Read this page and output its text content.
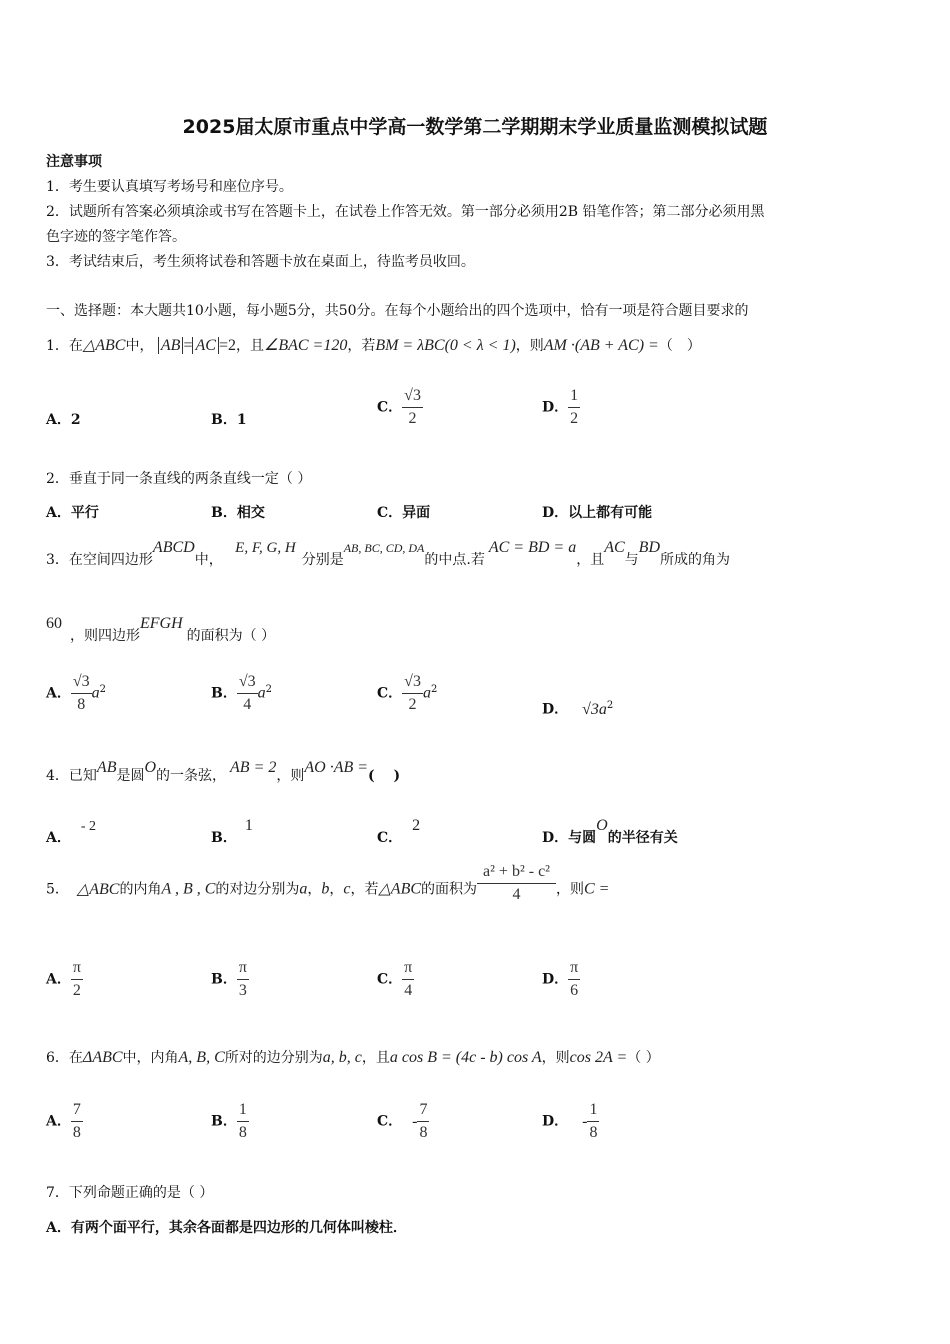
2025届太原市重点中学高一数学第二学期期末学业质量监测模拟试题
注意事项
1．考生要认真填写考场号和座位序号。
2．试题所有答案必须填涂或书写在答题卡上，在试卷上作答无效。第一部分必须用2B 铅笔作答；第二部分必须用黑
色字迹的签字笔作答。
3．考试结束后，考生须将试卷和答题卡放在桌面上，待监考员收回。
一、选择题：本大题共10小题，每小题5分，共50分。在每个小题给出的四个选项中，恰有一项是符合题目要求的
1．在△ABC中， AB = AC =2，且∠BAC =120，若BM = λBC(0 < λ < 1)，则AM ·(AB + AC) =（　）
A．2	B．1
C． $\frac{√3}{2}$	D． $\frac{1}{2}$
2．垂直于同一条直线的两条直线一定（ ）
A．平行	B．相交	C．异面	D．以上都有可能
3．在空间四边形ABCD中， E, F, G, H分别是AB, BC, CD, DA的中点.若AC = BD = a，且AC与BD所成的角为
60，则四边形EFGH的面积为（ ）
A． $\frac{√3}{8} a^2$	B． $\frac{√3}{4} a^2$	C． $\frac{√3}{2} a^2$
D． $√3a^2$
4．已知AB是圆O的一条弦， AB = 2，则AO ·AB =( 　)
A．- 2
B．1
C．2
D．与圆O的半径有关
5． △ABC的内角A , B , C的对边分别为a，b，c，若△ABC的面积为 $\frac{\text{a² + b² - c²}}{4}$ ，则C =
A． $\frac{\pi}{2}$	B． $\frac{\pi}{3}$	C． $\frac{\pi}{4}$	D． $\frac{\pi}{6}$
6．在ΔABC中，内角A, B, C所对的边分别为a, b, c，且a cos B = (4c - b) cos A，则cos 2A =（ ）
A． $\frac{7}{8}$	B． $\frac{1}{8}$	C． - $\frac{7}{8}$	D． - $\frac{1}{8}$
7．下列命题正确的是（ ）
A．有两个面平行，其余各面都是四边形的几何体叫棱柱．
